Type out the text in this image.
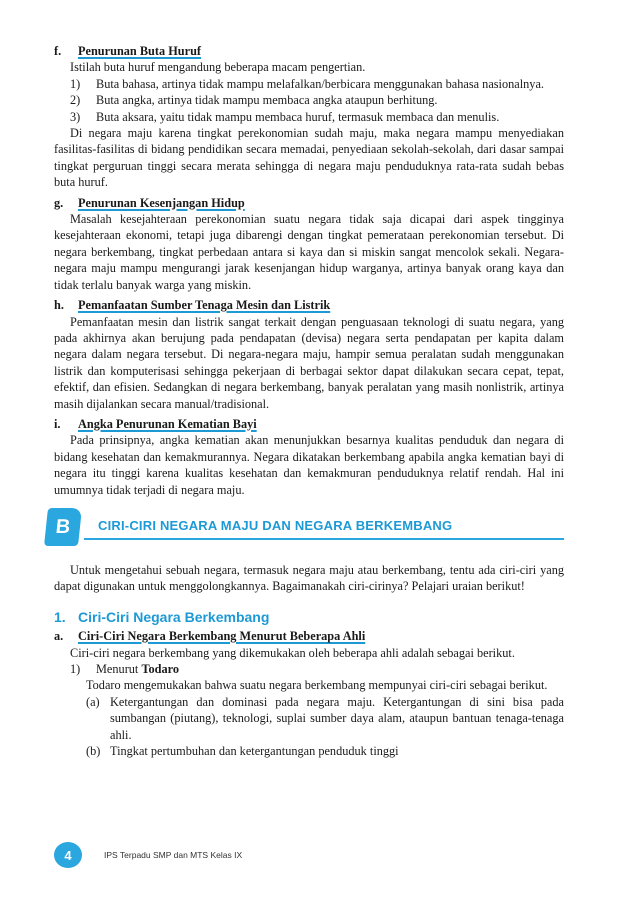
f.	Penurunan Buta Huruf

Istilah buta huruf mengandung beberapa macam pengertian.

1)	Buta bahasa, artinya tidak mampu melafalkan/berbicara menggunakan bahasa nasionalnya.
2)	Buta angka, artinya tidak mampu membaca angka ataupun berhitung.
3)	Buta aksara, yaitu tidak mampu membaca huruf, termasuk membaca dan menulis.

Di negara maju karena tingkat perekonomian sudah maju, maka negara mampu menyediakan fasilitas-fasilitas di bidang pendidikan secara memadai, penyediaan sekolah-sekolah, dari dasar sampai tingkat perguruan tinggi secara merata sehingga di negara maju penduduknya rata-rata sudah bebas buta huruf.

g.	Penurunan Kesenjangan Hidup

Masalah kesejahteraan perekonomian suatu negara tidak saja dicapai dari aspek tingginya kesejahteraan ekonomi, tetapi juga dibarengi dengan tingkat pemerataan perekonomian tersebut. Di negara berkembang, tingkat perbedaan antara si kaya dan si miskin sangat mencolok sekali. Negara-negara maju mampu mengurangi jarak kesenjangan hidup warganya, artinya banyak orang kaya dan tidak terlalu banyak warga yang miskin.

h.	Pemanfaatan Sumber Tenaga Mesin dan Listrik

Pemanfaatan mesin dan listrik sangat terkait dengan penguasaan teknologi di suatu negara, yang pada akhirnya akan berujung pada pendapatan (devisa) negara serta pendapatan per kapita dalam negara dalam negara tersebut. Di negara-negara maju, hampir semua peralatan sudah menggunakan listrik dan komputerisasi sehingga pekerjaan di berbagai sektor dapat dilakukan secara cepat, tepat, efektif, dan efisien. Sedangkan di negara berkembang, banyak peralatan yang masih nonlistrik, artinya masih dijalankan secara manual/tradisional.

i.	Angka Penurunan Kematian Bayi

Pada prinsipnya, angka kematian akan menunjukkan besarnya kualitas penduduk dan negara di bidang kesehatan dan kemakmurannya. Negara dikatakan berkembang apabila angka kematian bayi di negara itu tinggi karena kualitas kesehatan dan kemakmuran penduduknya relatif rendah. Hal ini umumnya tidak terjadi di negara maju.

B	CIRI-CIRI NEGARA MAJU DAN NEGARA BERKEMBANG

Untuk mengetahui sebuah negara, termasuk negara maju atau berkembang, tentu ada ciri-ciri yang dapat digunakan untuk menggolongkannya. Bagaimanakah ciri-cirinya? Pelajari uraian berikut!

1. Ciri-Ciri Negara Berkembang
a.	Ciri-Ciri Negara Berkembang Menurut Beberapa Ahli

Ciri-ciri negara berkembang yang dikemukakan oleh beberapa ahli adalah sebagai berikut.

1)	Menurut Todaro

Todaro mengemukakan bahwa suatu negara berkembang mempunyai ciri-ciri sebagai berikut.

(a) Ketergantungan dan dominasi pada negara maju. Ketergantungan di sini bisa pada sumbangan (piutang), teknologi, suplai sumber daya alam, ataupun bantuan tenaga-tenaga ahli.
(b) Tingkat pertumbuhan dan ketergantungan penduduk tinggi
4	IPS Terpadu SMP dan MTS Kelas IX
